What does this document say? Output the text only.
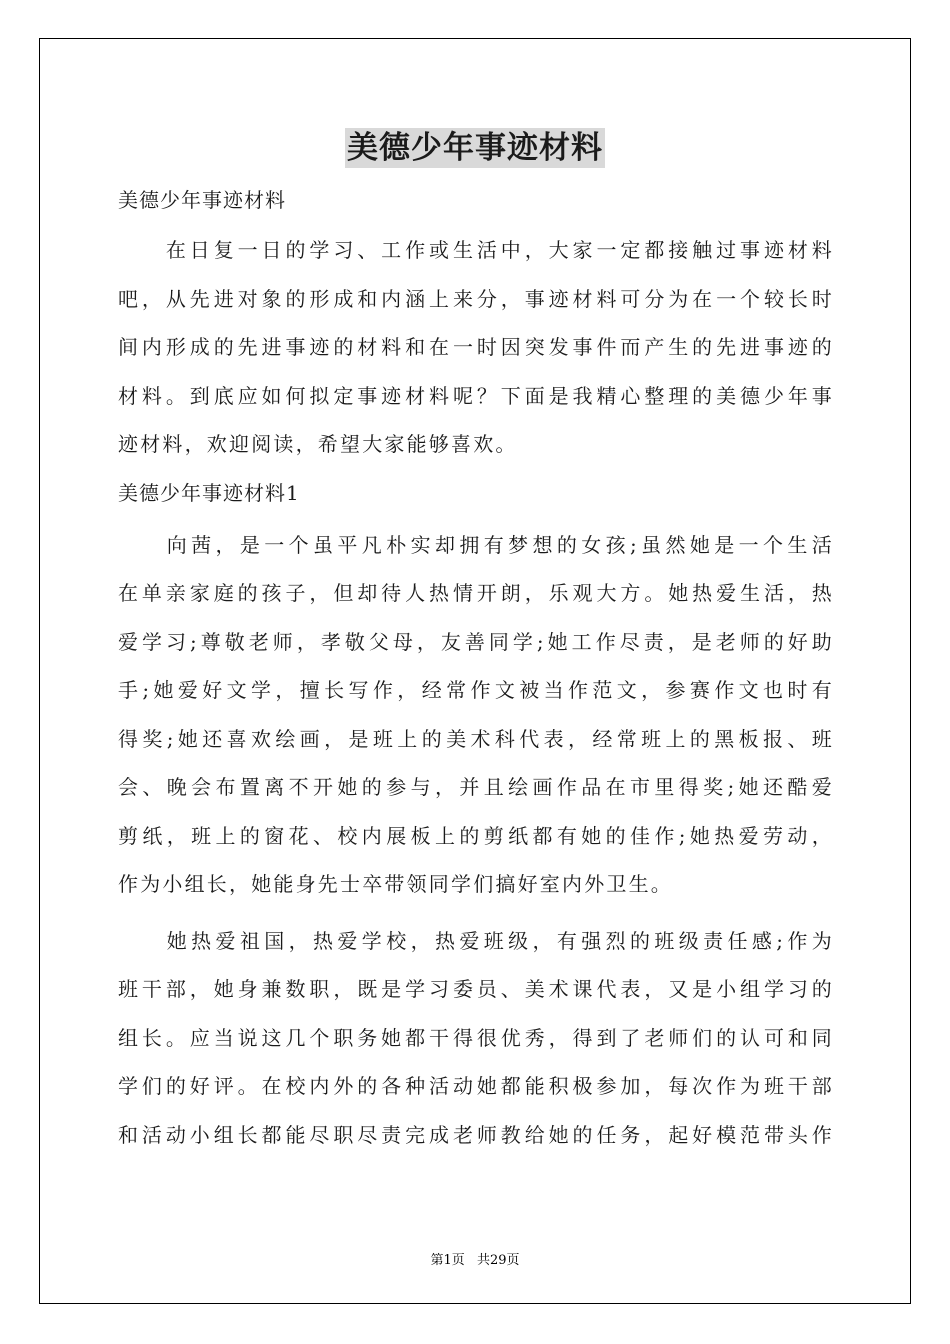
美德少年事迹材料
美德少年事迹材料
　　在日复一日的学习、工作或生活中，大家一定都接触过事迹材料
吧，从先进对象的形成和内涵上来分，事迹材料可分为在一个较长时
间内形成的先进事迹的材料和在一时因突发事件而产生的先进事迹的
材料。到底应如何拟定事迹材料呢？下面是我精心整理的美德少年事
迹材料，欢迎阅读，希望大家能够喜欢。
美德少年事迹材料1
　　向茜，是一个虽平凡朴实却拥有梦想的女孩;虽然她是一个生活
在单亲家庭的孩子，但却待人热情开朗，乐观大方。她热爱生活，热
爱学习;尊敬老师，孝敬父母，友善同学;她工作尽责，是老师的好助
手;她爱好文学，擅长写作，经常作文被当作范文，参赛作文也时有
得奖;她还喜欢绘画，是班上的美术科代表，经常班上的黑板报、班
会、晚会布置离不开她的参与，并且绘画作品在市里得奖;她还酷爱
剪纸，班上的窗花、校内展板上的剪纸都有她的佳作;她热爱劳动，
作为小组长，她能身先士卒带领同学们搞好室内外卫生。
　　她热爱祖国，热爱学校，热爱班级，有强烈的班级责任感;作为
班干部，她身兼数职，既是学习委员、美术课代表，又是小组学习的
组长。应当说这几个职务她都干得很优秀，得到了老师们的认可和同
学们的好评。在校内外的各种活动她都能积极参加，每次作为班干部
和活动小组长都能尽职尽责完成老师教给她的任务，起好模范带头作
第1页 共29页
